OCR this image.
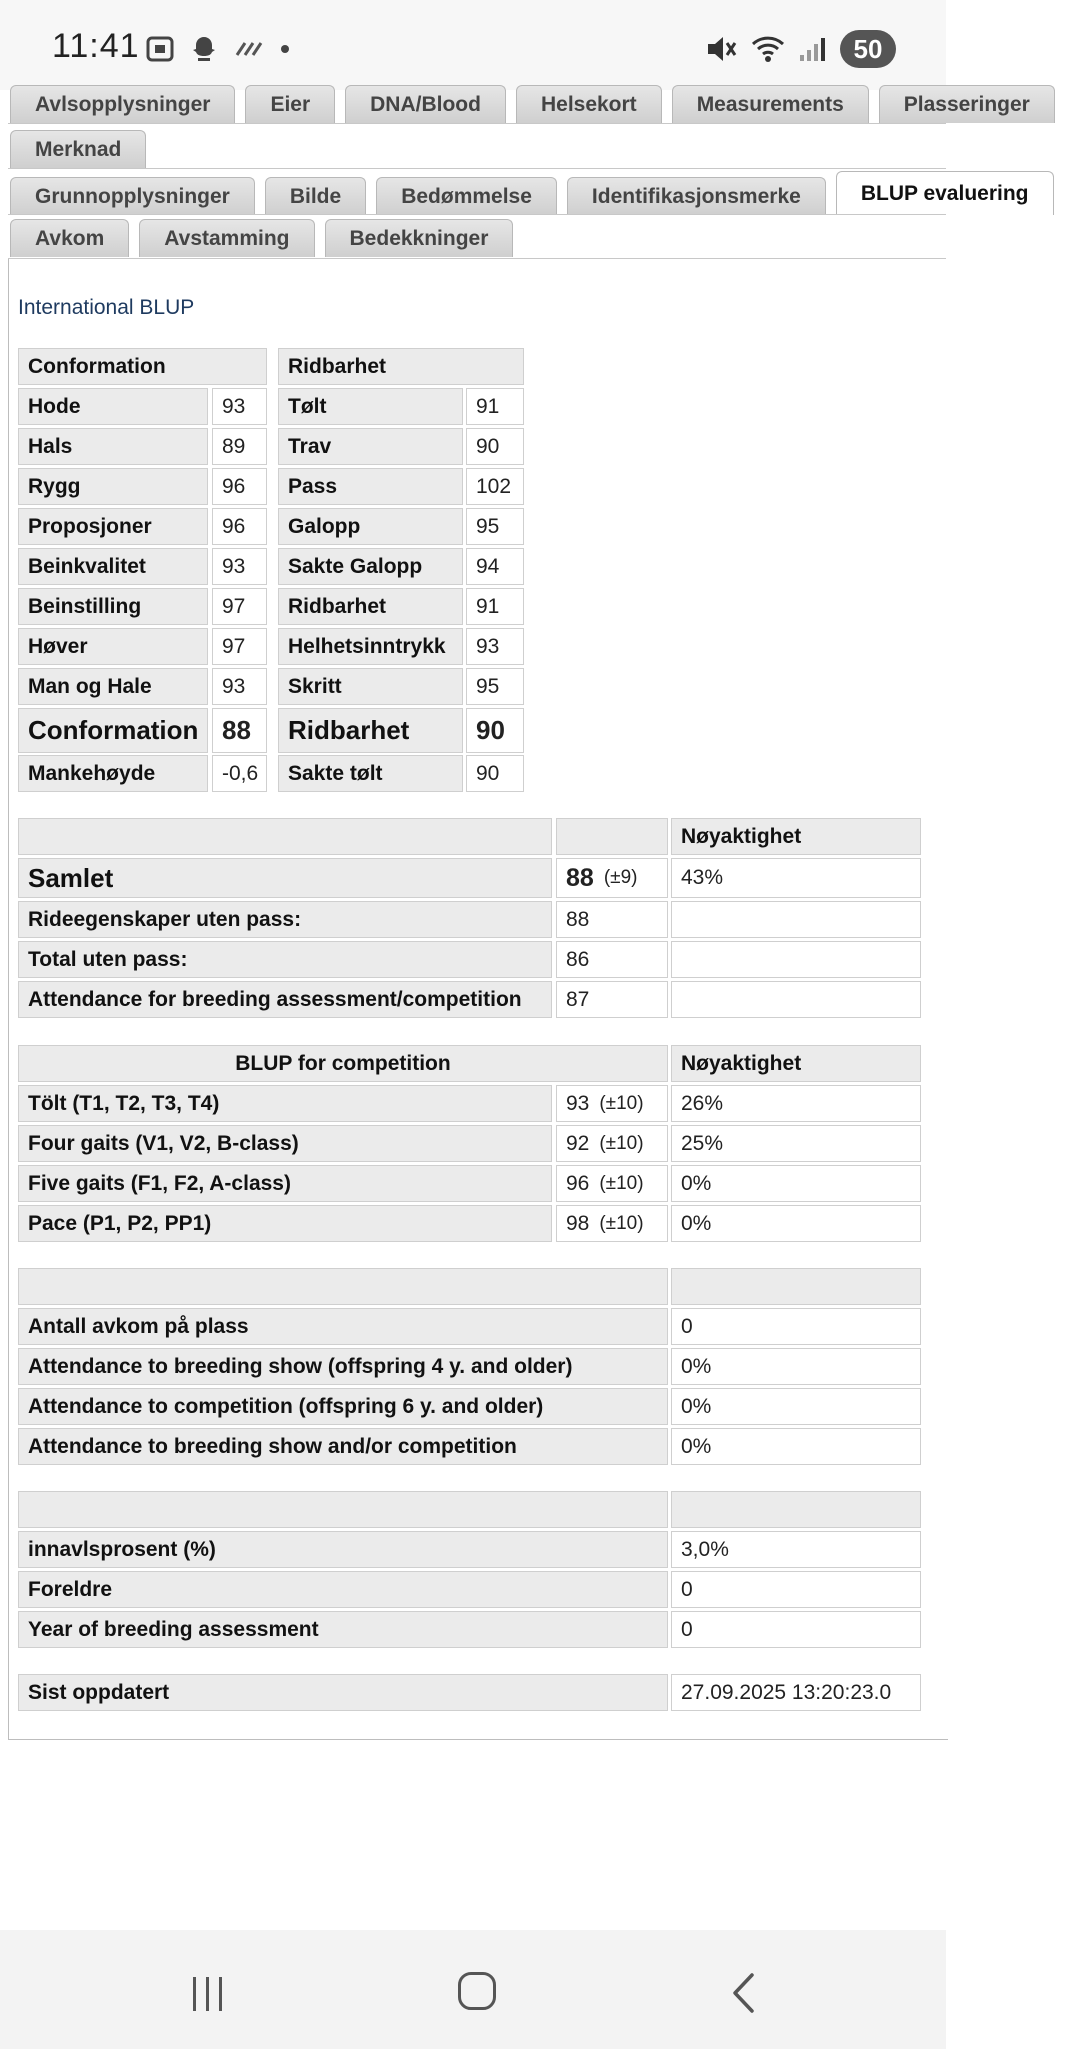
11:41	50
Avlsopplysninger	Eier	DNA/Blood	Helsekort	Measurements	Plasseringer
Merknad
Grunnopplysninger	Bilde	Bedømmelse	Identifikasjonsmerke	BLUP evaluering
Avkom	Avstamming	Bedekkninger
International BLUP
Conformation
Hode	93
Hals	89
Rygg	96
Proposjoner	96
Beinkvalitet	93
Beinstilling	97
Høver	97
Man og Hale	93
Conformation 88
Mankehøyde	-0,6
Ridbarhet
Tølt	91
Trav	90
Pass	102
Galopp	95
Sakte Galopp	94
Ridbarhet	91
Helhetsinntrykk	93
Skritt	95
Ridbarhet	90
Sakte tølt	90
Nøyaktighet
Samlet	88 (±9)	43%
Rideegenskaper uten pass:	88
Total uten pass:	86
Attendance for breeding assessment/competition	87
BLUP for competition	Nøyaktighet
Tölt (T1, T2, T3, T4)	93 (±10)	26%
Four gaits (V1, V2, B-class)	92 (±10)	25%
Five gaits (F1, F2, A-class)	96 (±10)	0%
Pace (P1, P2, PP1)	98 (±10)	0%
Antall avkom på plass	0
Attendance to breeding show (offspring 4 y. and older)	0%
Attendance to competition (offspring 6 y. and older)	0%
Attendance to breeding show and/or competition	0%
innavlsprosent (%)	3,0%
Foreldre	0
Year of breeding assessment	0
Sist oppdatert	27.09.2025 13:20:23.0
